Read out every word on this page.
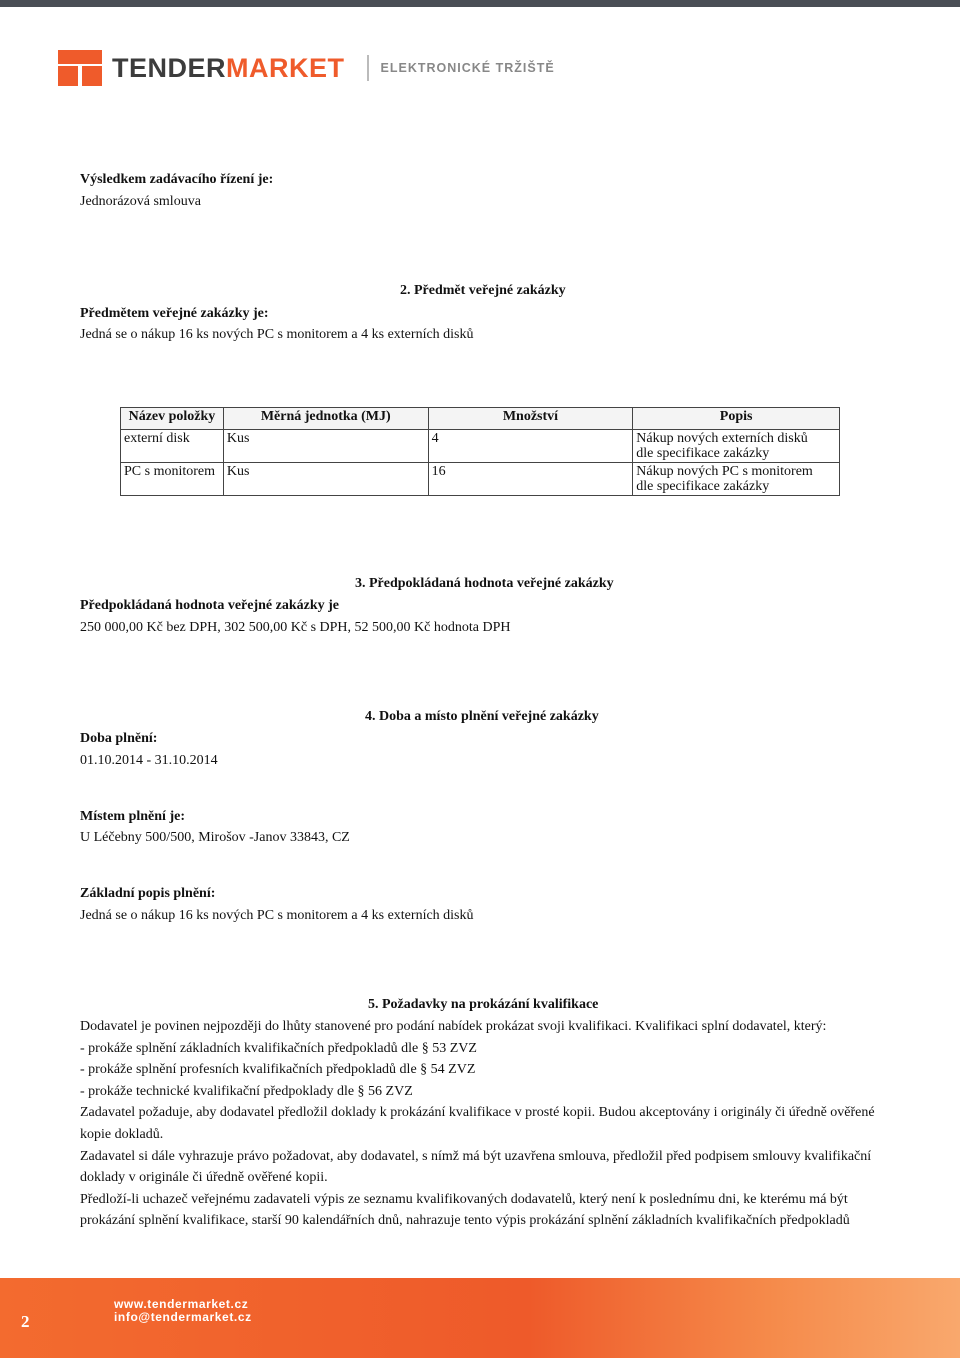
TENDERMARKET	ELEKTRONICKÉ TRŽIŠTĚ
Výsledkem zadávacího řízení je:
Jednorázová smlouva
2. Předmět veřejné zakázky
Předmětem veřejné zakázky je:
Jedná se o nákup 16 ks nových PC s monitorem a 4 ks externích disků
Název položky	Měrná jednotka (MJ)	Množství	Popis
externí disk	Kus	4	Nákup nových externích disků
dle specifikace zakázky
PC s monitorem	Kus	16	Nákup nových PC s monitorem
dle specifikace zakázky
3. Předpokládaná hodnota veřejné zakázky
Předpokládaná hodnota veřejné zakázky je
250 000,00 Kč bez DPH, 302 500,00 Kč s DPH, 52 500,00 Kč hodnota DPH
4. Doba a místo plnění veřejné zakázky
Doba plnění:
01.10.2014 - 31.10.2014
Místem plnění je:
U Léčebny 500/500, Mirošov -Janov 33843, CZ
Základní popis plnění:
Jedná se o nákup 16 ks nových PC s monitorem a 4 ks externích disků
5. Požadavky na prokázání kvalifikace

Dodavatel je povinen nejpozději do lhůty stanovené pro podání nabídek prokázat svoji kvalifikaci. Kvalifikaci splní dodavatel, který:

- prokáže splnění základních kvalifikačních předpokladů dle § 53 ZVZ

- prokáže splnění profesních kvalifikačních předpokladů dle § 54 ZVZ

- prokáže technické kvalifikační předpoklady dle § 56 ZVZ

Zadavatel požaduje, aby dodavatel předložil doklady k prokázání kvalifikace v prosté kopii. Budou akceptovány i originály či úředně ověřené kopie dokladů.

Zadavatel si dále vyhrazuje právo požadovat, aby dodavatel, s nímž má být uzavřena smlouva, předložil před podpisem smlouvy kvalifikační doklady v originále či úředně ověřené kopii.

Předloží-li uchazeč veřejnému zadavateli výpis ze seznamu kvalifikovaných dodavatelů, který není k poslednímu dni, ke kterému má být prokázání splnění kvalifikace, starší 90 kalendářních dnů, nahrazuje tento výpis prokázání splnění základních kvalifikačních předpokladů

2
www.tendermarket.cz
info@tendermarket.cz
